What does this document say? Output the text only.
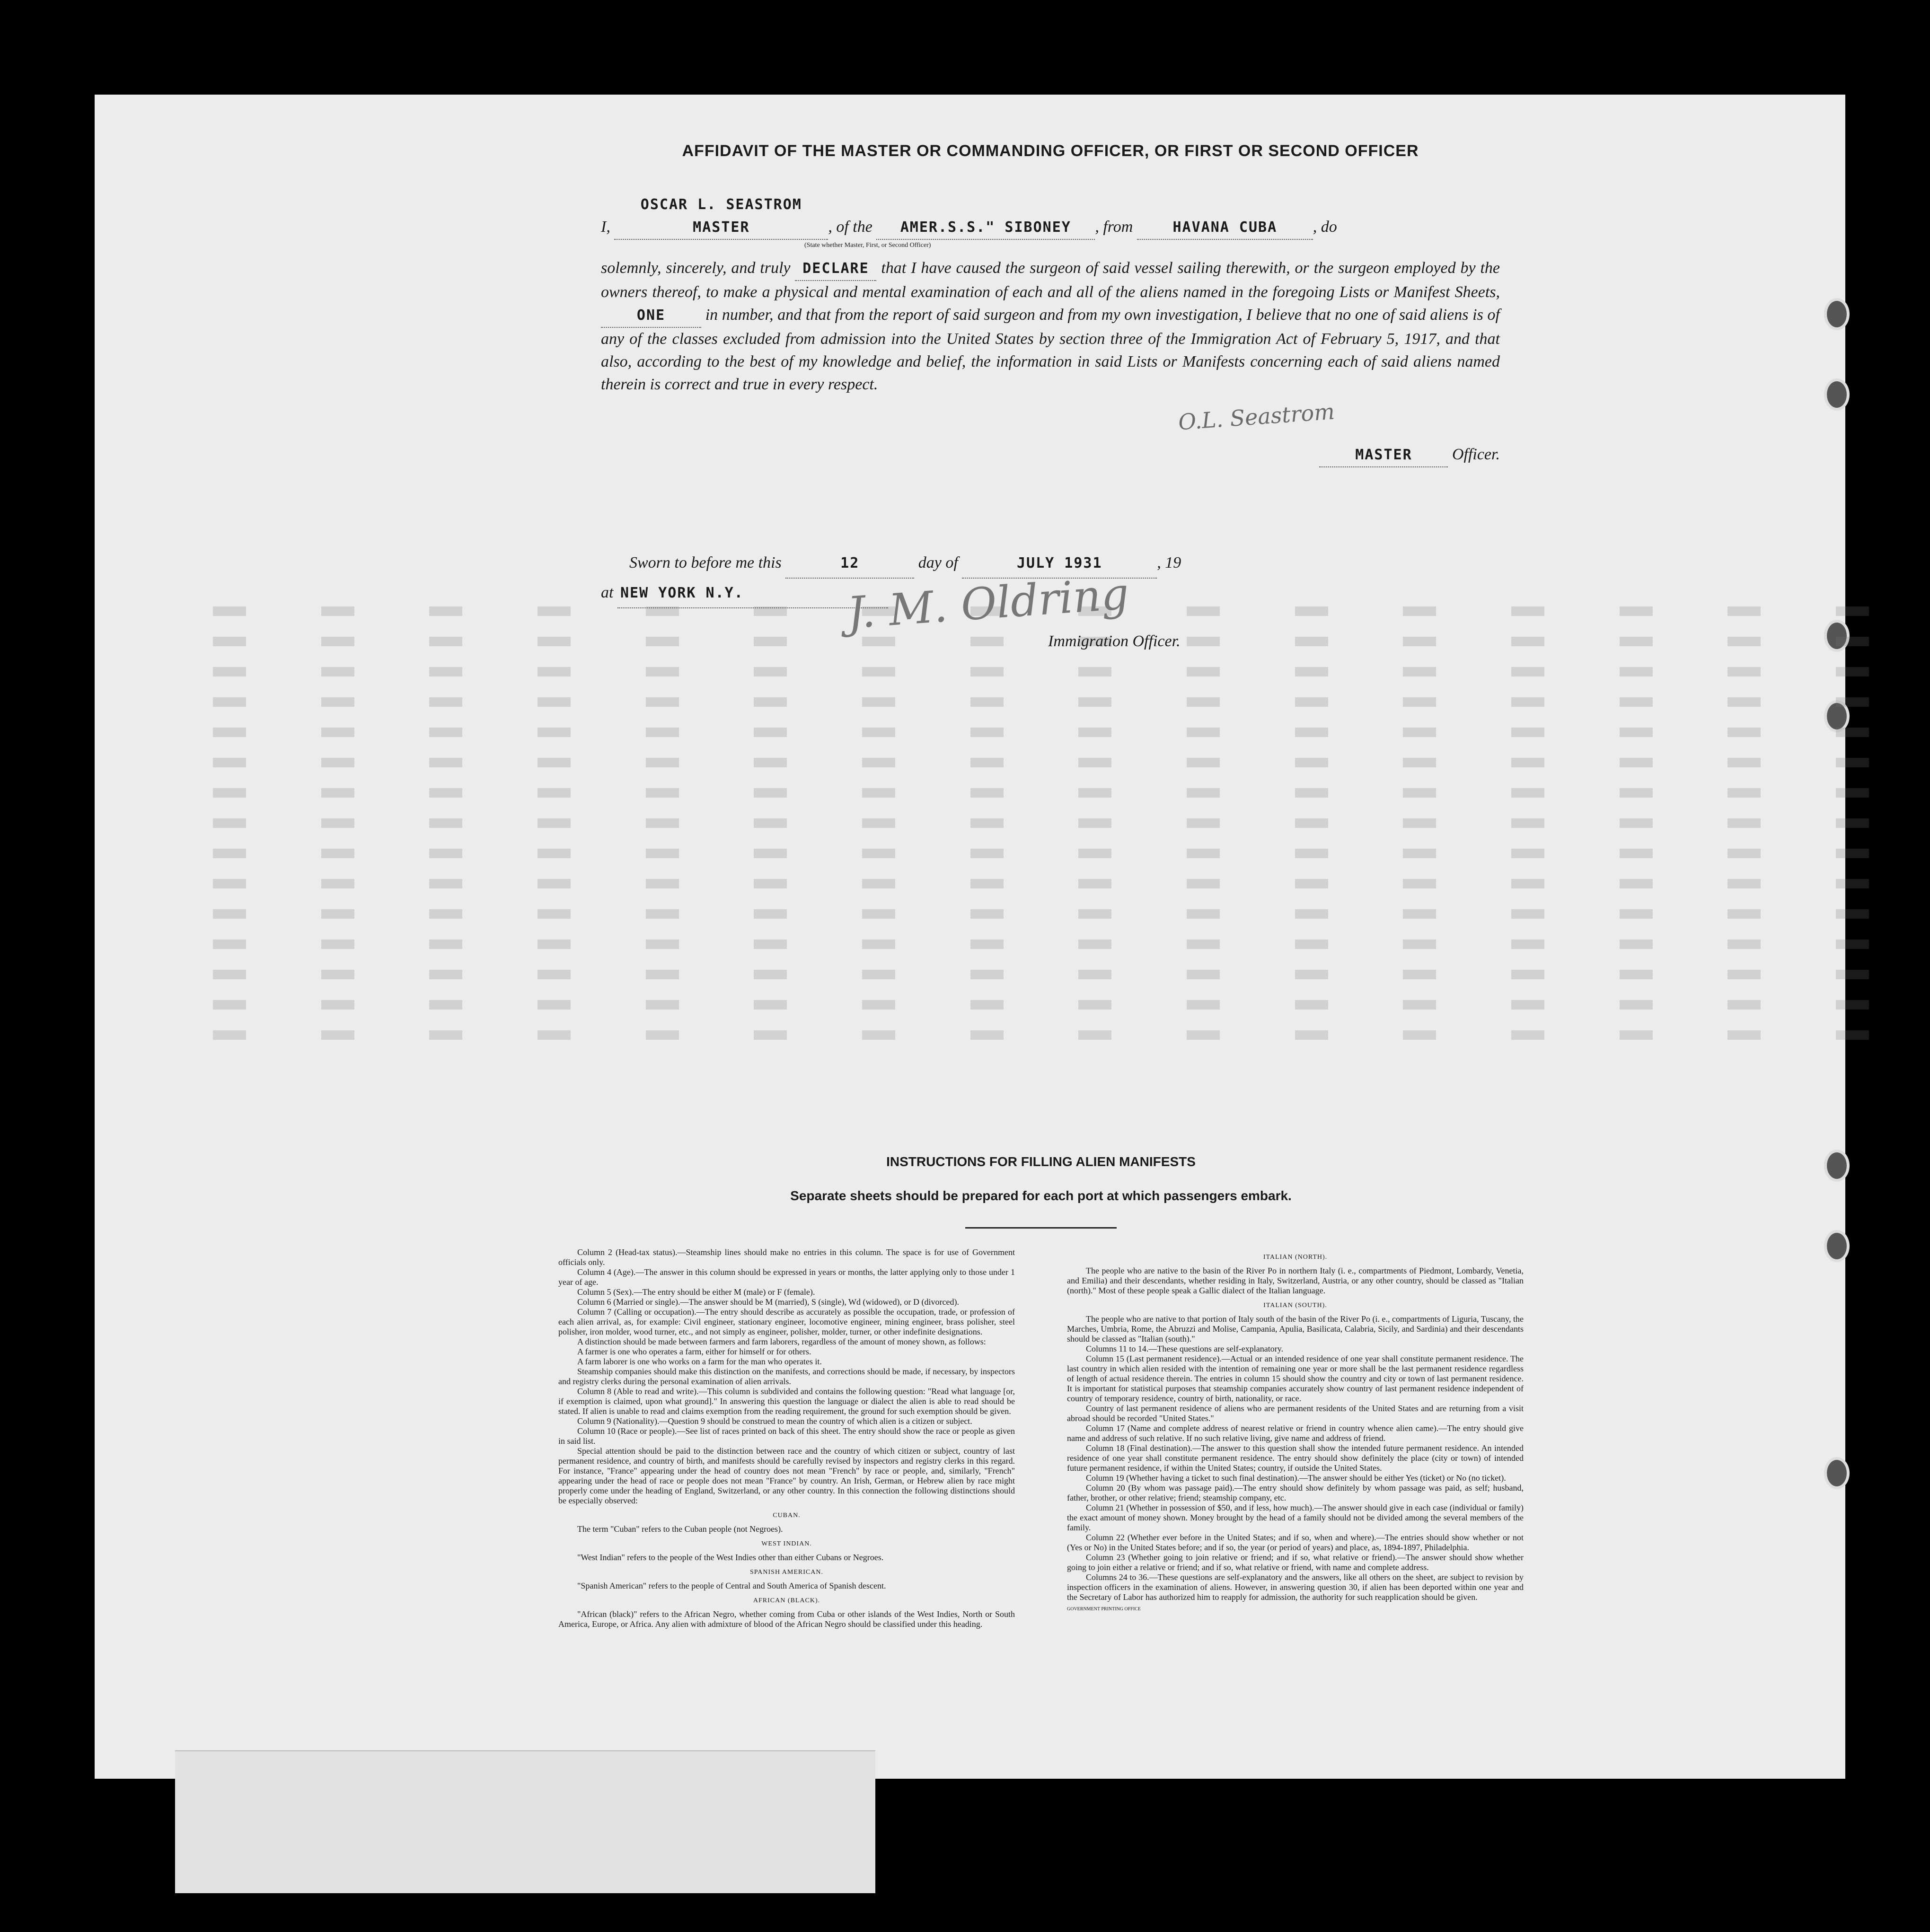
AFFIDAVIT OF THE MASTER OR COMMANDING OFFICER, OR FIRST OR SECOND OFFICER
I, OSCAR L. SEASTROM MASTER	, of the AMER.S.S." SIBONEY , from	HAVANA CUBA , do
(State whether Master, First, or Second Officer)
solemnly, sincerely, and truly DECLARE that I have caused the surgeon of said vessel sailing therewith, or the surgeon employed by the owners thereof, to make a physical and mental examination of each and all of the aliens named in the foregoing Lists or Manifest Sheets, ONE in number, and that from the report of said surgeon and from my own investigation, I believe that no one of said aliens is of any of the classes excluded from admission into the United States by section three of the Immigration Act of February 5, 1917, and that also, according to the best of my knowledge and belief, the information in said Lists or Manifests concerning each of said aliens named therein is correct and true in every respect.
O.L. Seastrom
MASTER Officer.
Sworn to before me this	12	day of	JULY 1931	, 19
at NEW YORK N.Y.	J. M. Oldring
Immigration Officer.
INSTRUCTIONS FOR FILLING ALIEN MANIFESTS
Separate sheets should be prepared for each port at which passengers embark.

Column 2 (Head-tax status).—Steamship lines should make no entries in this column. The space is for use of Government officials only.

Column 4 (Age).—The answer in this column should be expressed in years or months, the latter applying only to those under 1 year of age.

Column 5 (Sex).—The entry should be either M (male) or F (female).

Column 6 (Married or single).—The answer should be M (married), S (single), Wd (widowed), or D (divorced).

Column 7 (Calling or occupation).—The entry should describe as accurately as possible the occupation, trade, or profession of each alien arrival, as, for example: Civil engineer, stationary engineer, locomotive engineer, mining engineer, brass polisher, steel polisher, iron molder, wood turner, etc., and not simply as engineer, polisher, molder, turner, or other indefinite designations.

A distinction should be made between farmers and farm laborers, regardless of the amount of money shown, as follows:

A farmer is one who operates a farm, either for himself or for others.

A farm laborer is one who works on a farm for the man who operates it.

Steamship companies should make this distinction on the manifests, and corrections should be made, if necessary, by inspectors and registry clerks during the personal examination of alien arrivals.

Column 8 (Able to read and write).—This column is subdivided and contains the following question: "Read what language [or, if exemption is claimed, upon what ground]." In answering this question the language or dialect the alien is able to read should be stated. If alien is unable to read and claims exemption from the reading requirement, the ground for such exemption should be given.

Column 9 (Nationality).—Question 9 should be construed to mean the country of which alien is a citizen or subject.

Column 10 (Race or people).—See list of races printed on back of this sheet. The entry should show the race or people as given in said list.

Special attention should be paid to the distinction between race and the country of which citizen or subject, country of last permanent residence, and country of birth, and manifests should be carefully revised by inspectors and registry clerks in this regard. For instance, "France" appearing under the head of country does not mean "French" by race or people, and, similarly, "French" appearing under the head of race or people does not mean "France" by country. An Irish, German, or Hebrew alien by race might properly come under the heading of England, Switzerland, or any other country. In this connection the following distinctions should be especially observed:

CUBAN.

The term "Cuban" refers to the Cuban people (not Negroes).

WEST INDIAN.

"West Indian" refers to the people of the West Indies other than either Cubans or Negroes.

SPANISH AMERICAN.

"Spanish American" refers to the people of Central and South America of Spanish descent.

AFRICAN (BLACK).

"African (black)" refers to the African Negro, whether coming from Cuba or other islands of the West Indies, North or South America, Europe, or Africa. Any alien with admixture of blood of the African Negro should be classified under this heading.

ITALIAN (NORTH).

The people who are native to the basin of the River Po in northern Italy (i. e., compartments of Piedmont, Lombardy, Venetia, and Emilia) and their descendants, whether residing in Italy, Switzerland, Austria, or any other country, should be classed as "Italian (north)." Most of these people speak a Gallic dialect of the Italian language.

ITALIAN (SOUTH).

The people who are native to that portion of Italy south of the basin of the River Po (i. e., compartments of Liguria, Tuscany, the Marches, Umbria, Rome, the Abruzzi and Molise, Campania, Apulia, Basilicata, Calabria, Sicily, and Sardinia) and their descendants should be classed as "Italian (south)."

Columns 11 to 14.—These questions are self-explanatory.

Column 15 (Last permanent residence).—Actual or an intended residence of one year shall constitute permanent residence. The last country in which alien resided with the intention of remaining one year or more shall be the last permanent residence regardless of length of actual residence therein. The entries in column 15 should show the country and city or town of last permanent residence. It is important for statistical purposes that steamship companies accurately show country of last permanent residence independent of country of temporary residence, country of birth, nationality, or race.

Country of last permanent residence of aliens who are permanent residents of the United States and are returning from a visit abroad should be recorded "United States."

Column 17 (Name and complete address of nearest relative or friend in country whence alien came).—The entry should give name and address of such relative. If no such relative living, give name and address of friend.

Column 18 (Final destination).—The answer to this question shall show the intended future permanent residence. An intended residence of one year shall constitute permanent residence. The entry should show definitely the place (city or town) of intended future permanent residence, if within the United States; country, if outside the United States.

Column 19 (Whether having a ticket to such final destination).—The answer should be either Yes (ticket) or No (no ticket).

Column 20 (By whom was passage paid).—The entry should show definitely by whom passage was paid, as self; husband, father, brother, or other relative; friend; steamship company, etc.

Column 21 (Whether in possession of $50, and if less, how much).—The answer should give in each case (individual or family) the exact amount of money shown. Money brought by the head of a family should not be divided among the several members of the family.

Column 22 (Whether ever before in the United States; and if so, when and where).—The entries should show whether or not (Yes or No) in the United States before; and if so, the year (or period of years) and place, as, 1894-1897, Philadelphia.

Column 23 (Whether going to join relative or friend; and if so, what relative or friend).—The answer should show whether going to join either a relative or friend; and if so, what relative or friend, with name and complete address.

Columns 24 to 36.—These questions are self-explanatory and the answers, like all others on the sheet, are subject to revision by inspection officers in the examination of aliens. However, in answering question 30, if alien has been deported within one year and the Secretary of Labor has authorized him to reapply for admission, the authority for such reapplication should be given.

GOVERNMENT PRINTING OFFICE
